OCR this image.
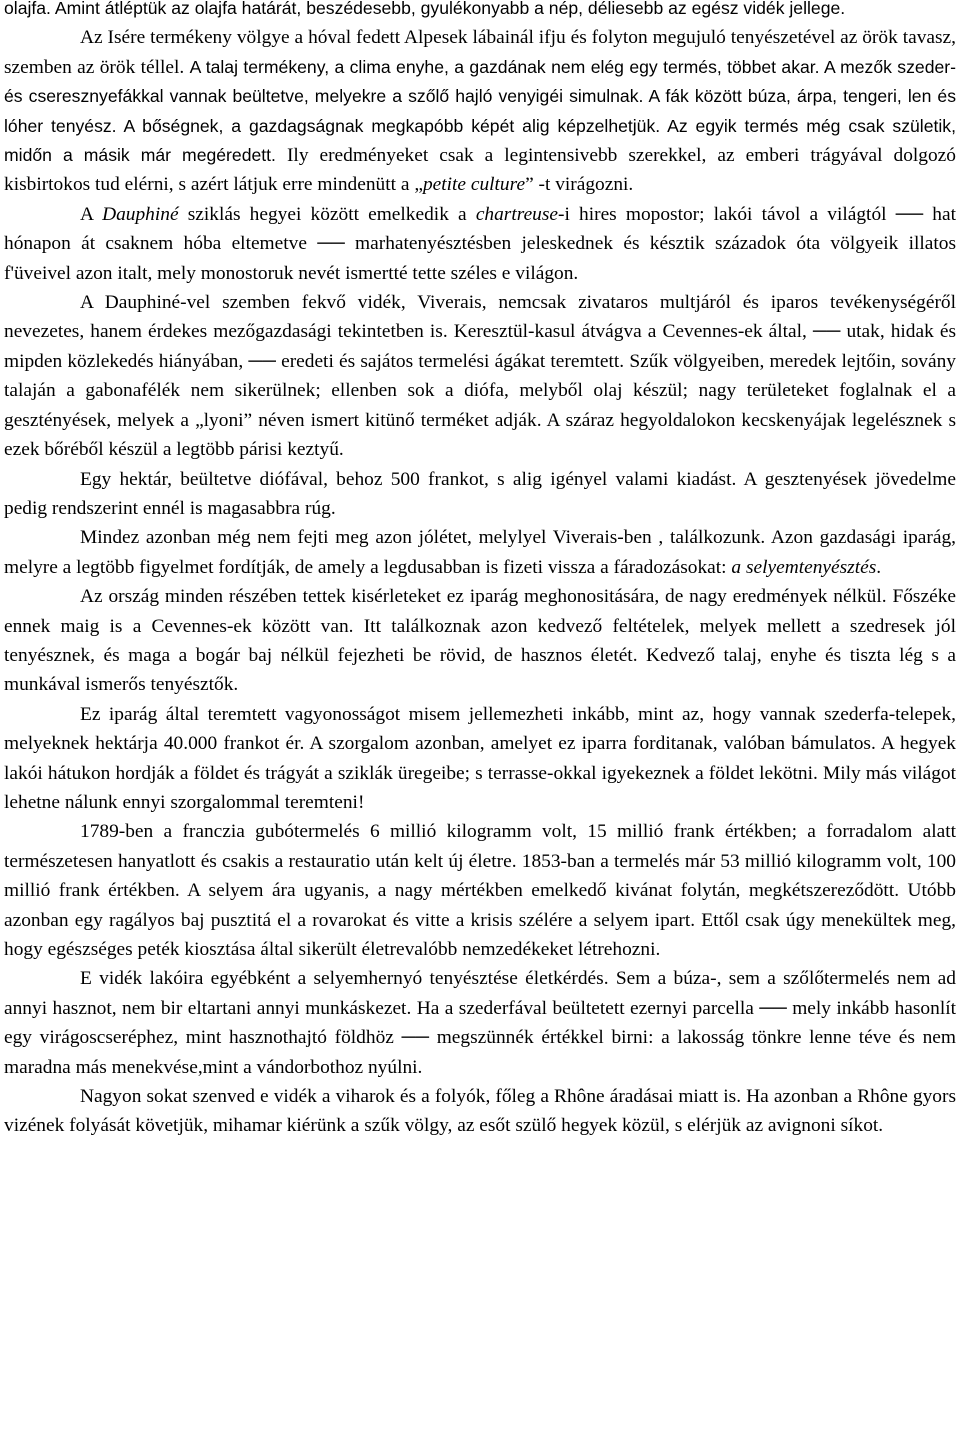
olajfa. Amint átléptük az olajfa határát, beszédesebb, gyulékonyabb a nép, déliesebb az egész vidék jellege.

Az Isére termékeny völgye a hóval fedett Alpesek lábainál ifju és folyton megujuló tenyészetével az örök tavasz, szemben az örök téllel. A talaj termékeny, a clima enyhe, a gazdának nem elég egy termés, többet akar. A mezők szeder- és cseresznyefákkal vannak beültetve, melyekre a szőlő hajló venyigéi simulnak. A fák között búza, árpa, tengeri, len és lóher tenyész. A bőségnek, a gazdagságnak megkapóbb képét alig képzelhetjük. Az egyik termés még csak születik, midőn a másik már megéredett. Ily eredményeket csak a legintensivebb szerekkel, az emberi trágyával dolgozó kisbirtokos tud elérni, s azért látjuk erre mindenütt a „petite culture” -t virágozni.

A Dauphiné sziklás hegyei között emelkedik a chartreuse-i hires mopostor; lakói távol a világtól ── hat hónapon át csaknem hóba eltemetve ── marhatenyésztésben jeleskednek és késztik századok óta völgyeik illatos f'üveivel azon italt, mely monostoruk nevét ismertté tette széles e világon.

A Dauphiné-vel szemben fekvő vidék, Viverais, nemcsak zivataros multjáról és iparos tevékenységéről nevezetes, hanem érdekes mezőgazdasági tekintetben is. Keresztül-kasul átvágva a Cevennes-ek által, ── utak, hidak és mipden közlekedés hiányában, ── eredeti és sajátos termelési ágákat teremtett. Szűk völgyeiben, meredek lejtőin, sovány talaján a gabonafélék nem sikerülnek; ellenben sok a diófa, melyből olaj készül; nagy területeket foglalnak el a gesztényések, melyek a „lyoni” néven ismert kitünő terméket adják. A száraz hegyoldalokon kecskenyájak legelésznek s ezek bőréből készül a legtöbb párisi keztyű.

Egy hektár, beültetve diófával, behoz 500 frankot, s alig igényel valami kiadást. A gesztenyések jövedelme pedig rendszerint ennél is magasabbra rúg.

Mindez azonban még nem fejti meg azon jólétet, melylyel Viverais-ben , találkozunk. Azon gazdasági iparág, melyre a legtöbb figyelmet fordítják, de amely a legdusabban is fizeti vissza a fáradozásokat: a selyemtenyésztés.

Az ország minden részében tettek kisérleteket ez iparág meghonositására, de nagy eredmények nélkül. Főszéke ennek maig is a Cevennes-ek között van. Itt találkoznak azon kedvező feltételek, melyek mellett a szedresek jól tenyésznek, és maga a bogár baj nélkül fejezheti be rövid, de hasznos életét. Kedvező talaj, enyhe és tiszta lég s a munkával ismerős tenyésztők.

Ez iparág által teremtett vagyonosságot misem jellemezheti inkább, mint az, hogy vannak szederfa-telepek, melyeknek hektárja 40.000 frankot ér. A szorgalom azonban, amelyet ez iparra forditanak, valóban bámulatos. A hegyek lakói hátukon hordják a földet és trágyát a sziklák üregeibe; s terrasse-okkal igyekeznek a földet lekötni. Mily más világot lehetne nálunk ennyi szorgalommal teremteni!

1789-ben a franczia gubótermelés 6 millió kilogramm volt, 15 millió frank értékben; a forradalom alatt természetesen hanyatlott és csakis a restauratio után kelt új életre. 1853-ban a termelés már 53 millió kilogramm volt, 100 millió frank értékben. A selyem ára ugyanis, a nagy mértékben emelkedő kivánat folytán, megkétszereződött. Utóbb azonban egy ragályos baj pusztitá el a rovarokat és vitte a krisis szélére a selyem ipart. Ettől csak úgy menekültek meg, hogy egészséges peték kiosztása által sikerült életrevalóbb nemzedékeket létrehozni.

E vidék lakóira egyébként a selyemhernyó tenyésztése életkérdés. Sem a búza-, sem a szőlőtermelés nem ad annyi hasznot, nem bir eltartani annyi munkáskezet. Ha a szederfával beültetett ezernyi parcella ── mely inkább hasonlít egy virágoscseréphez, mint hasznothajtó földhöz ── megszünnék értékkel birni: a lakosság tönkre lenne téve és nem maradna más menekvése,mint a vándorbothoz nyúlni.

Nagyon sokat szenved e vidék a viharok és a folyók, főleg a Rhône áradásai miatt is. Ha azonban a Rhône gyors vizének folyását követjük, mihamar kiérünk a szűk völgy, az esőt szülő hegyek közül, s elérjük az avignoni síkot.
